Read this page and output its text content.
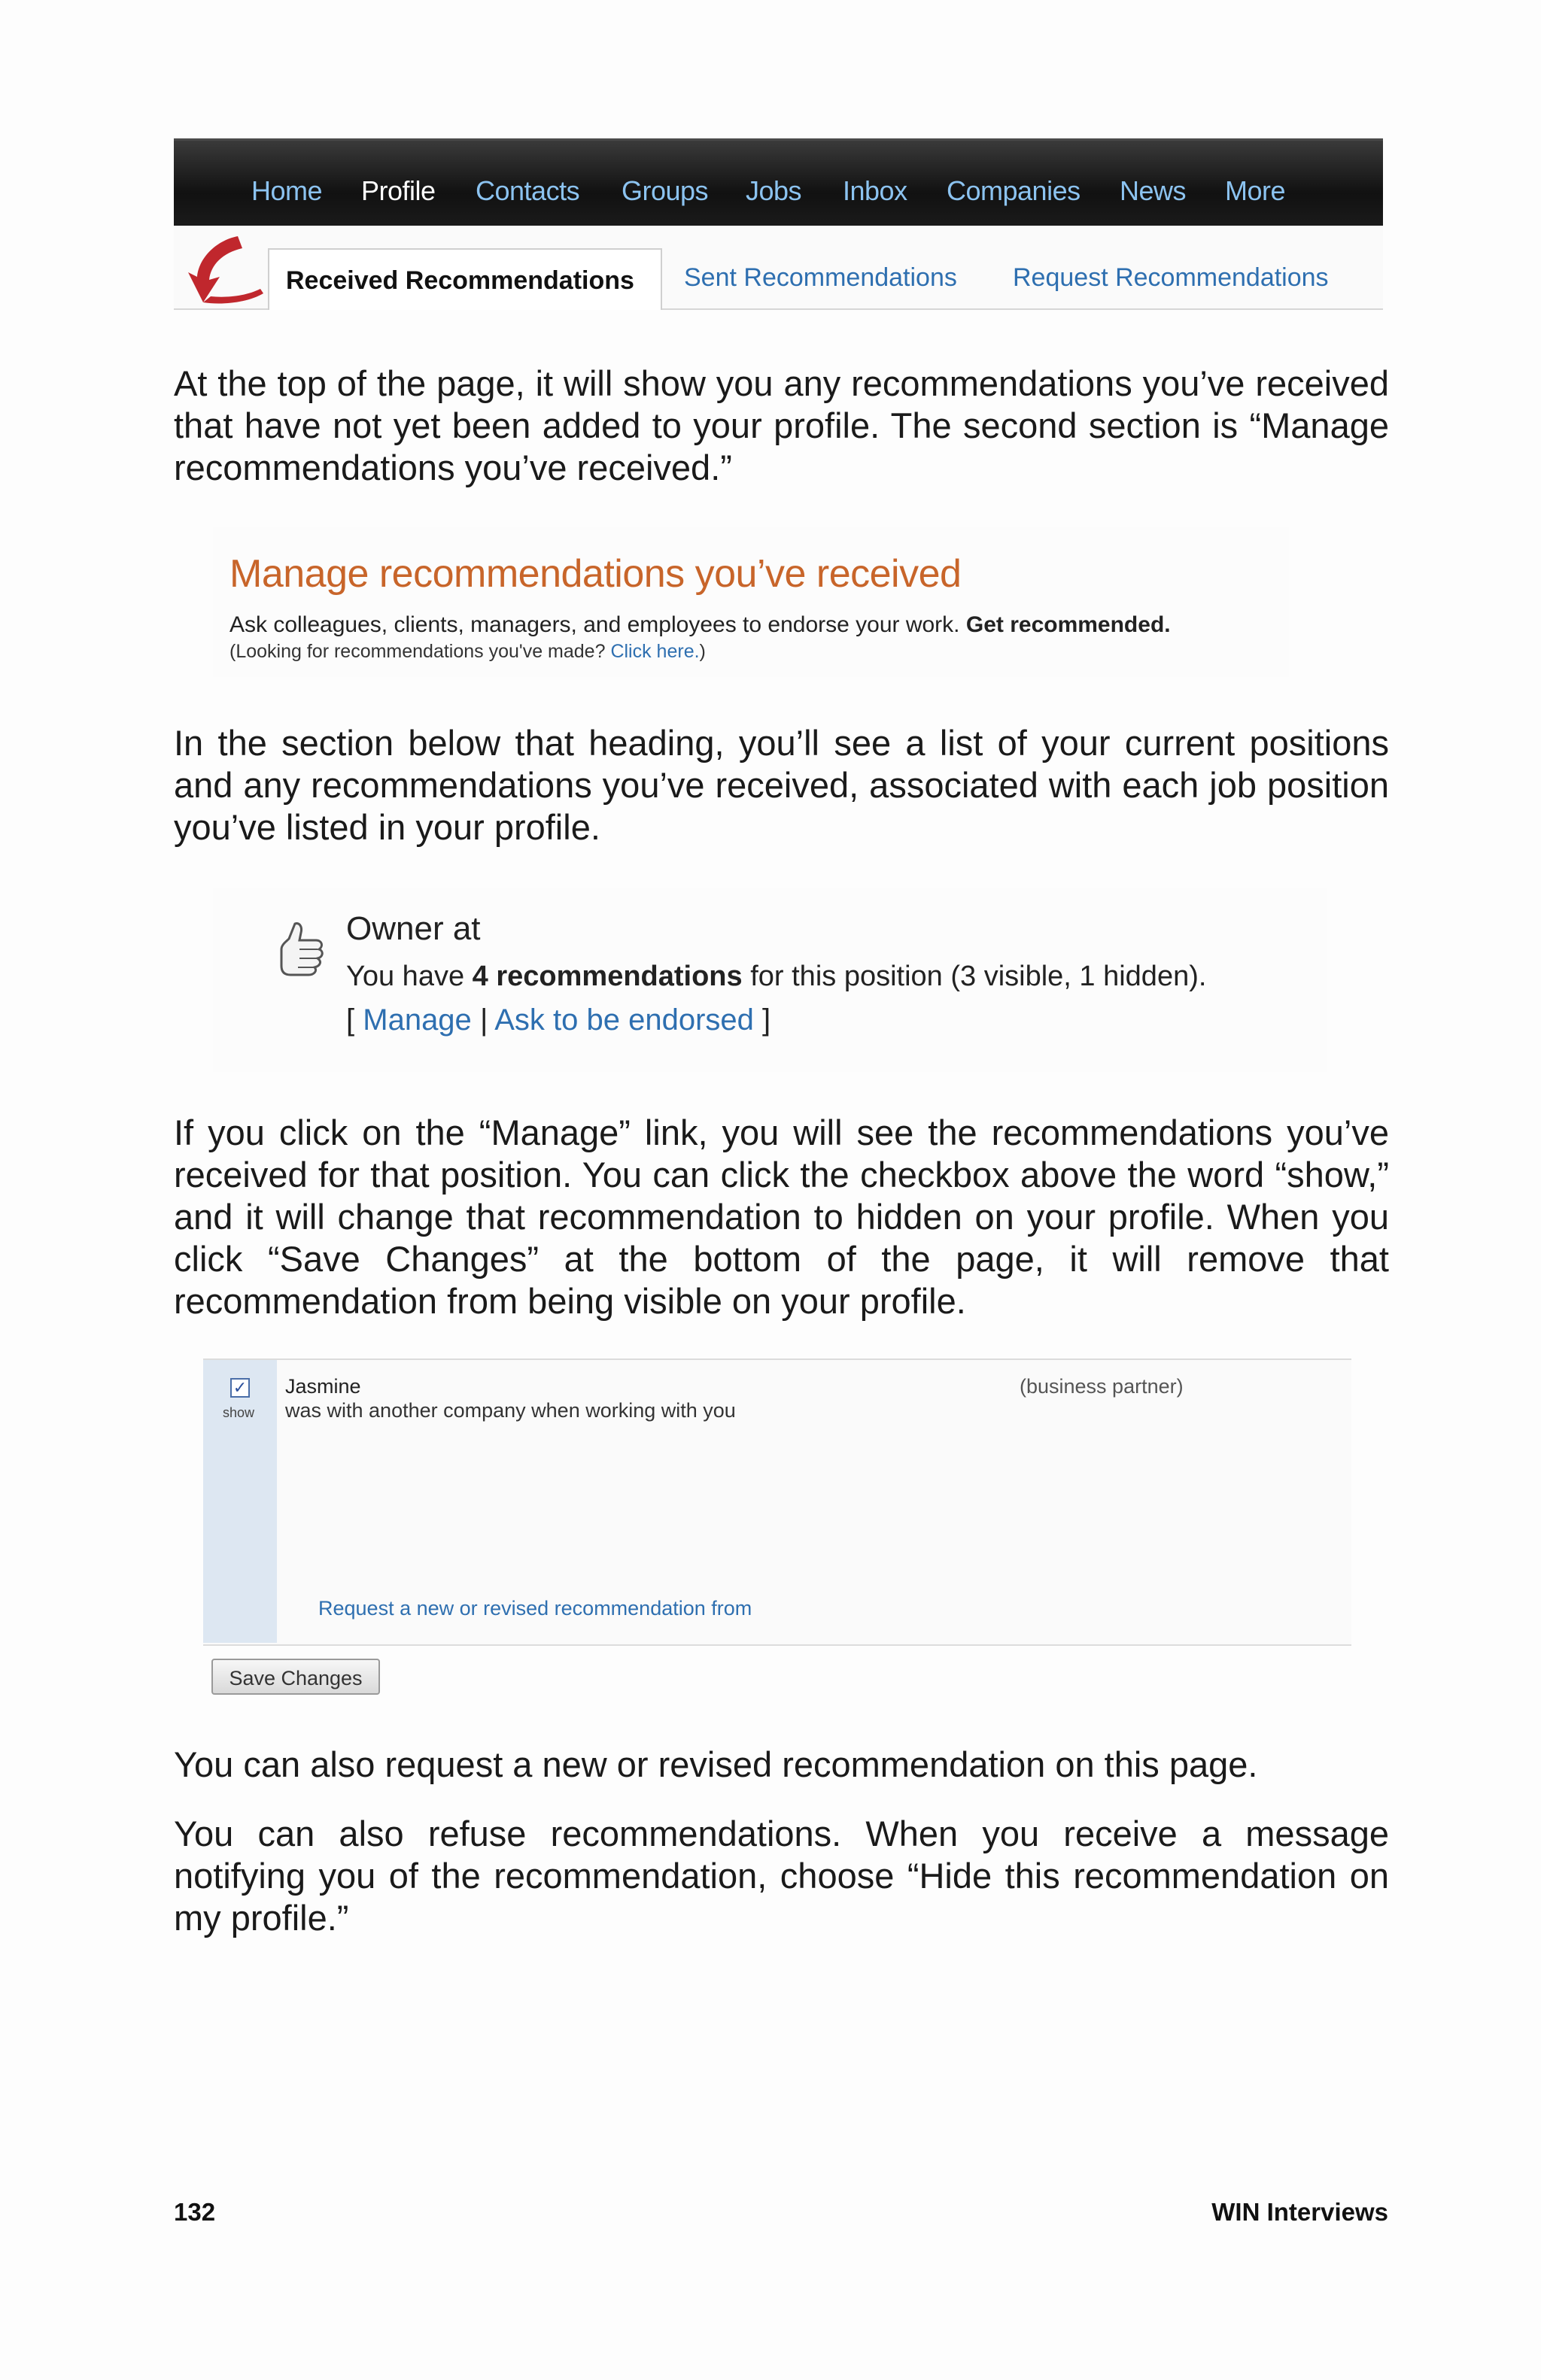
Home Profile Contacts Groups Jobs Inbox Companies News More
Received Recommendations Sent Recommendations Request Recommendations

At the top of the page, it will show you any recommendations you’ve received that have not yet been added to your profile. The second section is “Manage recommendations you’ve received.”

Manage recommendations you’ve received
Ask colleagues, clients, managers, and employees to endorse your work. Get recommended.
(Looking for recommendations you've made? Click here.)

In the section below that heading, you’ll see a list of your current positions and any recommendations you’ve received, associated with each job position you’ve listed in your profile.

Owner at
You have 4 recommendations for this position (3 visible, 1 hidden).
[ Manage | Ask to be endorsed ]

If you click on the “Manage” link, you will see the recommendations you’ve received for that position. You can click the checkbox above the word “show,” and it will change that recommendation to hidden on your profile. When you click “Save Changes” at the bottom of the page, it will remove that recommendation from being visible on your profile.

✓
show
Jasmine
was with another company when working with you
(business partner)
Request a new or revised recommendation from
Save Changes

You can also request a new or revised recommendation on this page.

You can also refuse recommendations. When you receive a message notifying you of the recommendation, choose “Hide this recommendation on my profile.”

132	WIN Interviews
